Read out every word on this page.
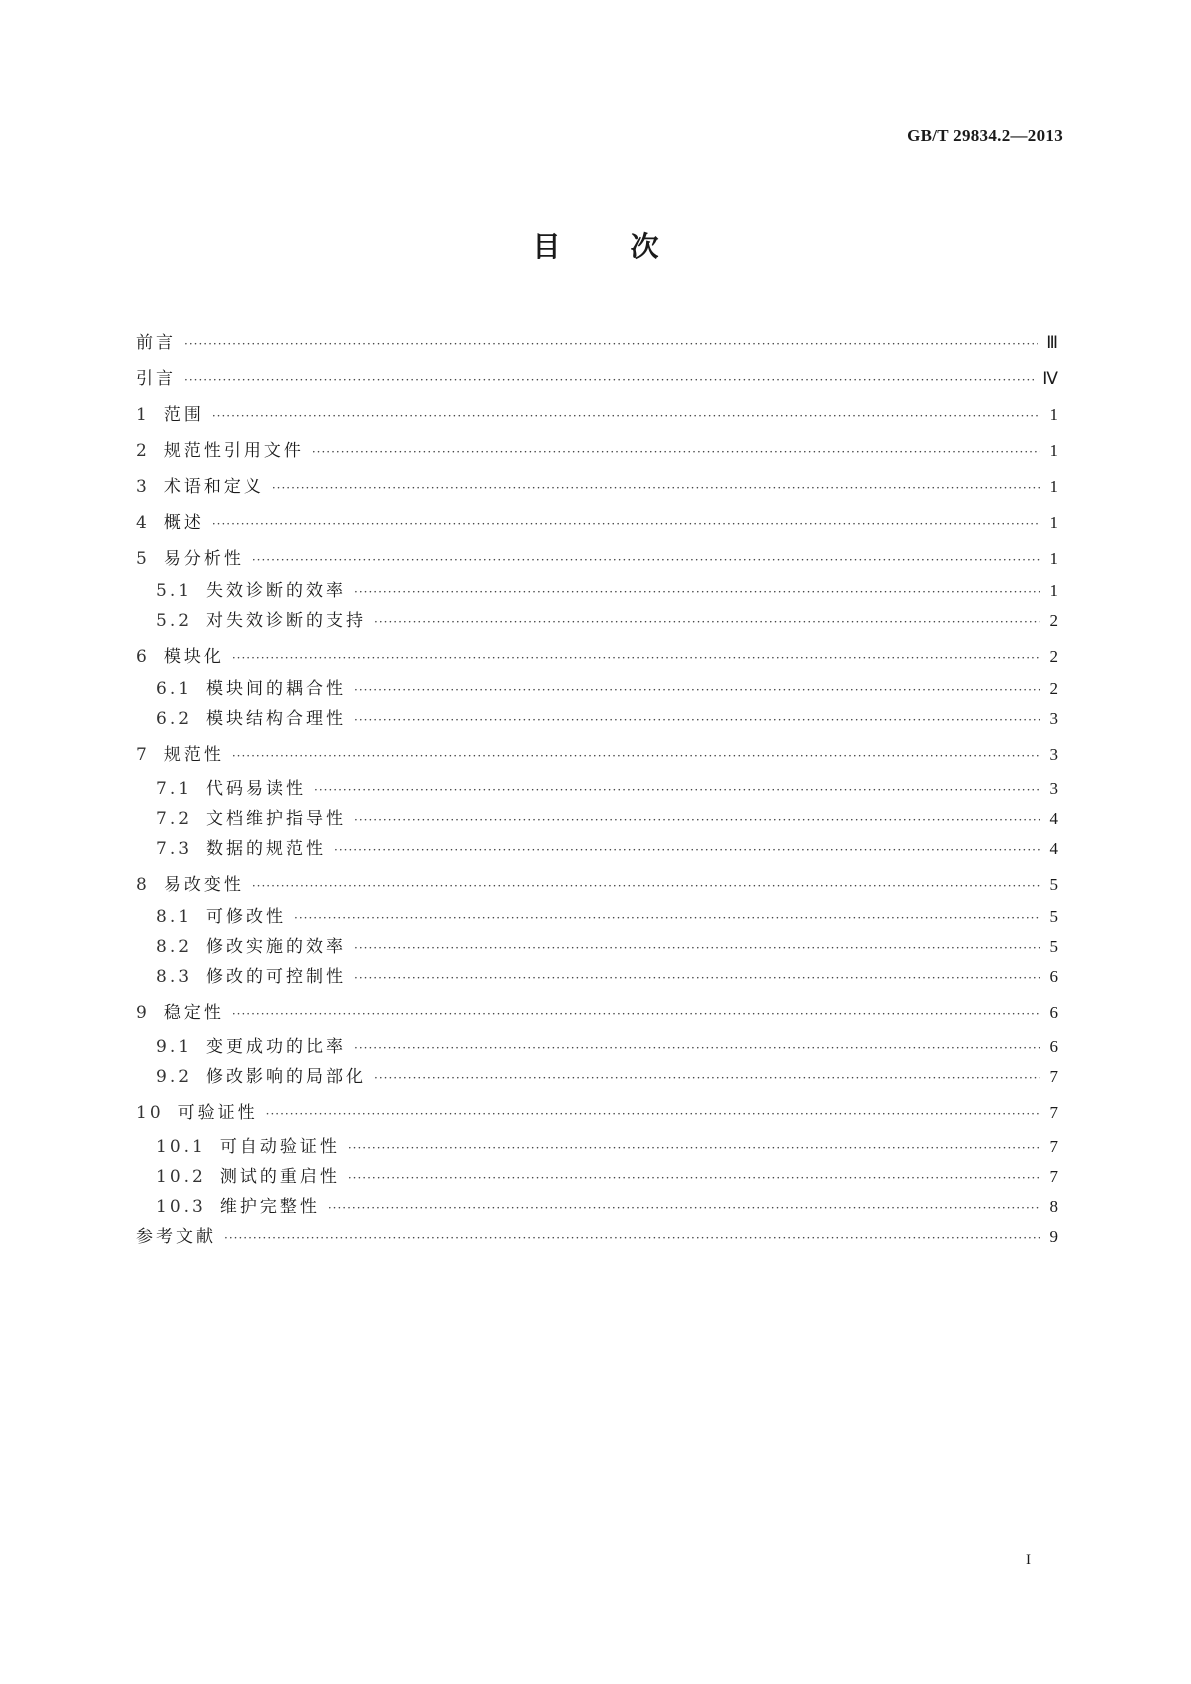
GB/T 29834.2—2013
目次
前言 ·····	Ⅲ
引言 ·····	Ⅳ
1 范围 ·····	1
2 规范性引用文件 ·····	1
3 术语和定义 ·····	1
4 概述 ·····	1
5 易分析性 ·····	1
5.1 失效诊断的效率 ·····	1
5.2 对失效诊断的支持 ·····	2
6 模块化 ·····	2
6.1 模块间的耦合性 ·····	2
6.2 模块结构合理性 ·····	3
7 规范性 ·····	3
7.1 代码易读性 ·····	3
7.2 文档维护指导性 ·····	4
7.3 数据的规范性 ·····	4
8 易改变性 ·····	5
8.1 可修改性 ·····	5
8.2 修改实施的效率 ·····	5
8.3 修改的可控制性 ·····	6
9 稳定性 ·····	6
9.1 变更成功的比率 ·····	6
9.2 修改影响的局部化 ·····	7
10 可验证性 ·····	7
10.1 可自动验证性 ·····	7
10.2 测试的重启性 ·····	7
10.3 维护完整性 ·····	8
参考文献 ·····	9
I
